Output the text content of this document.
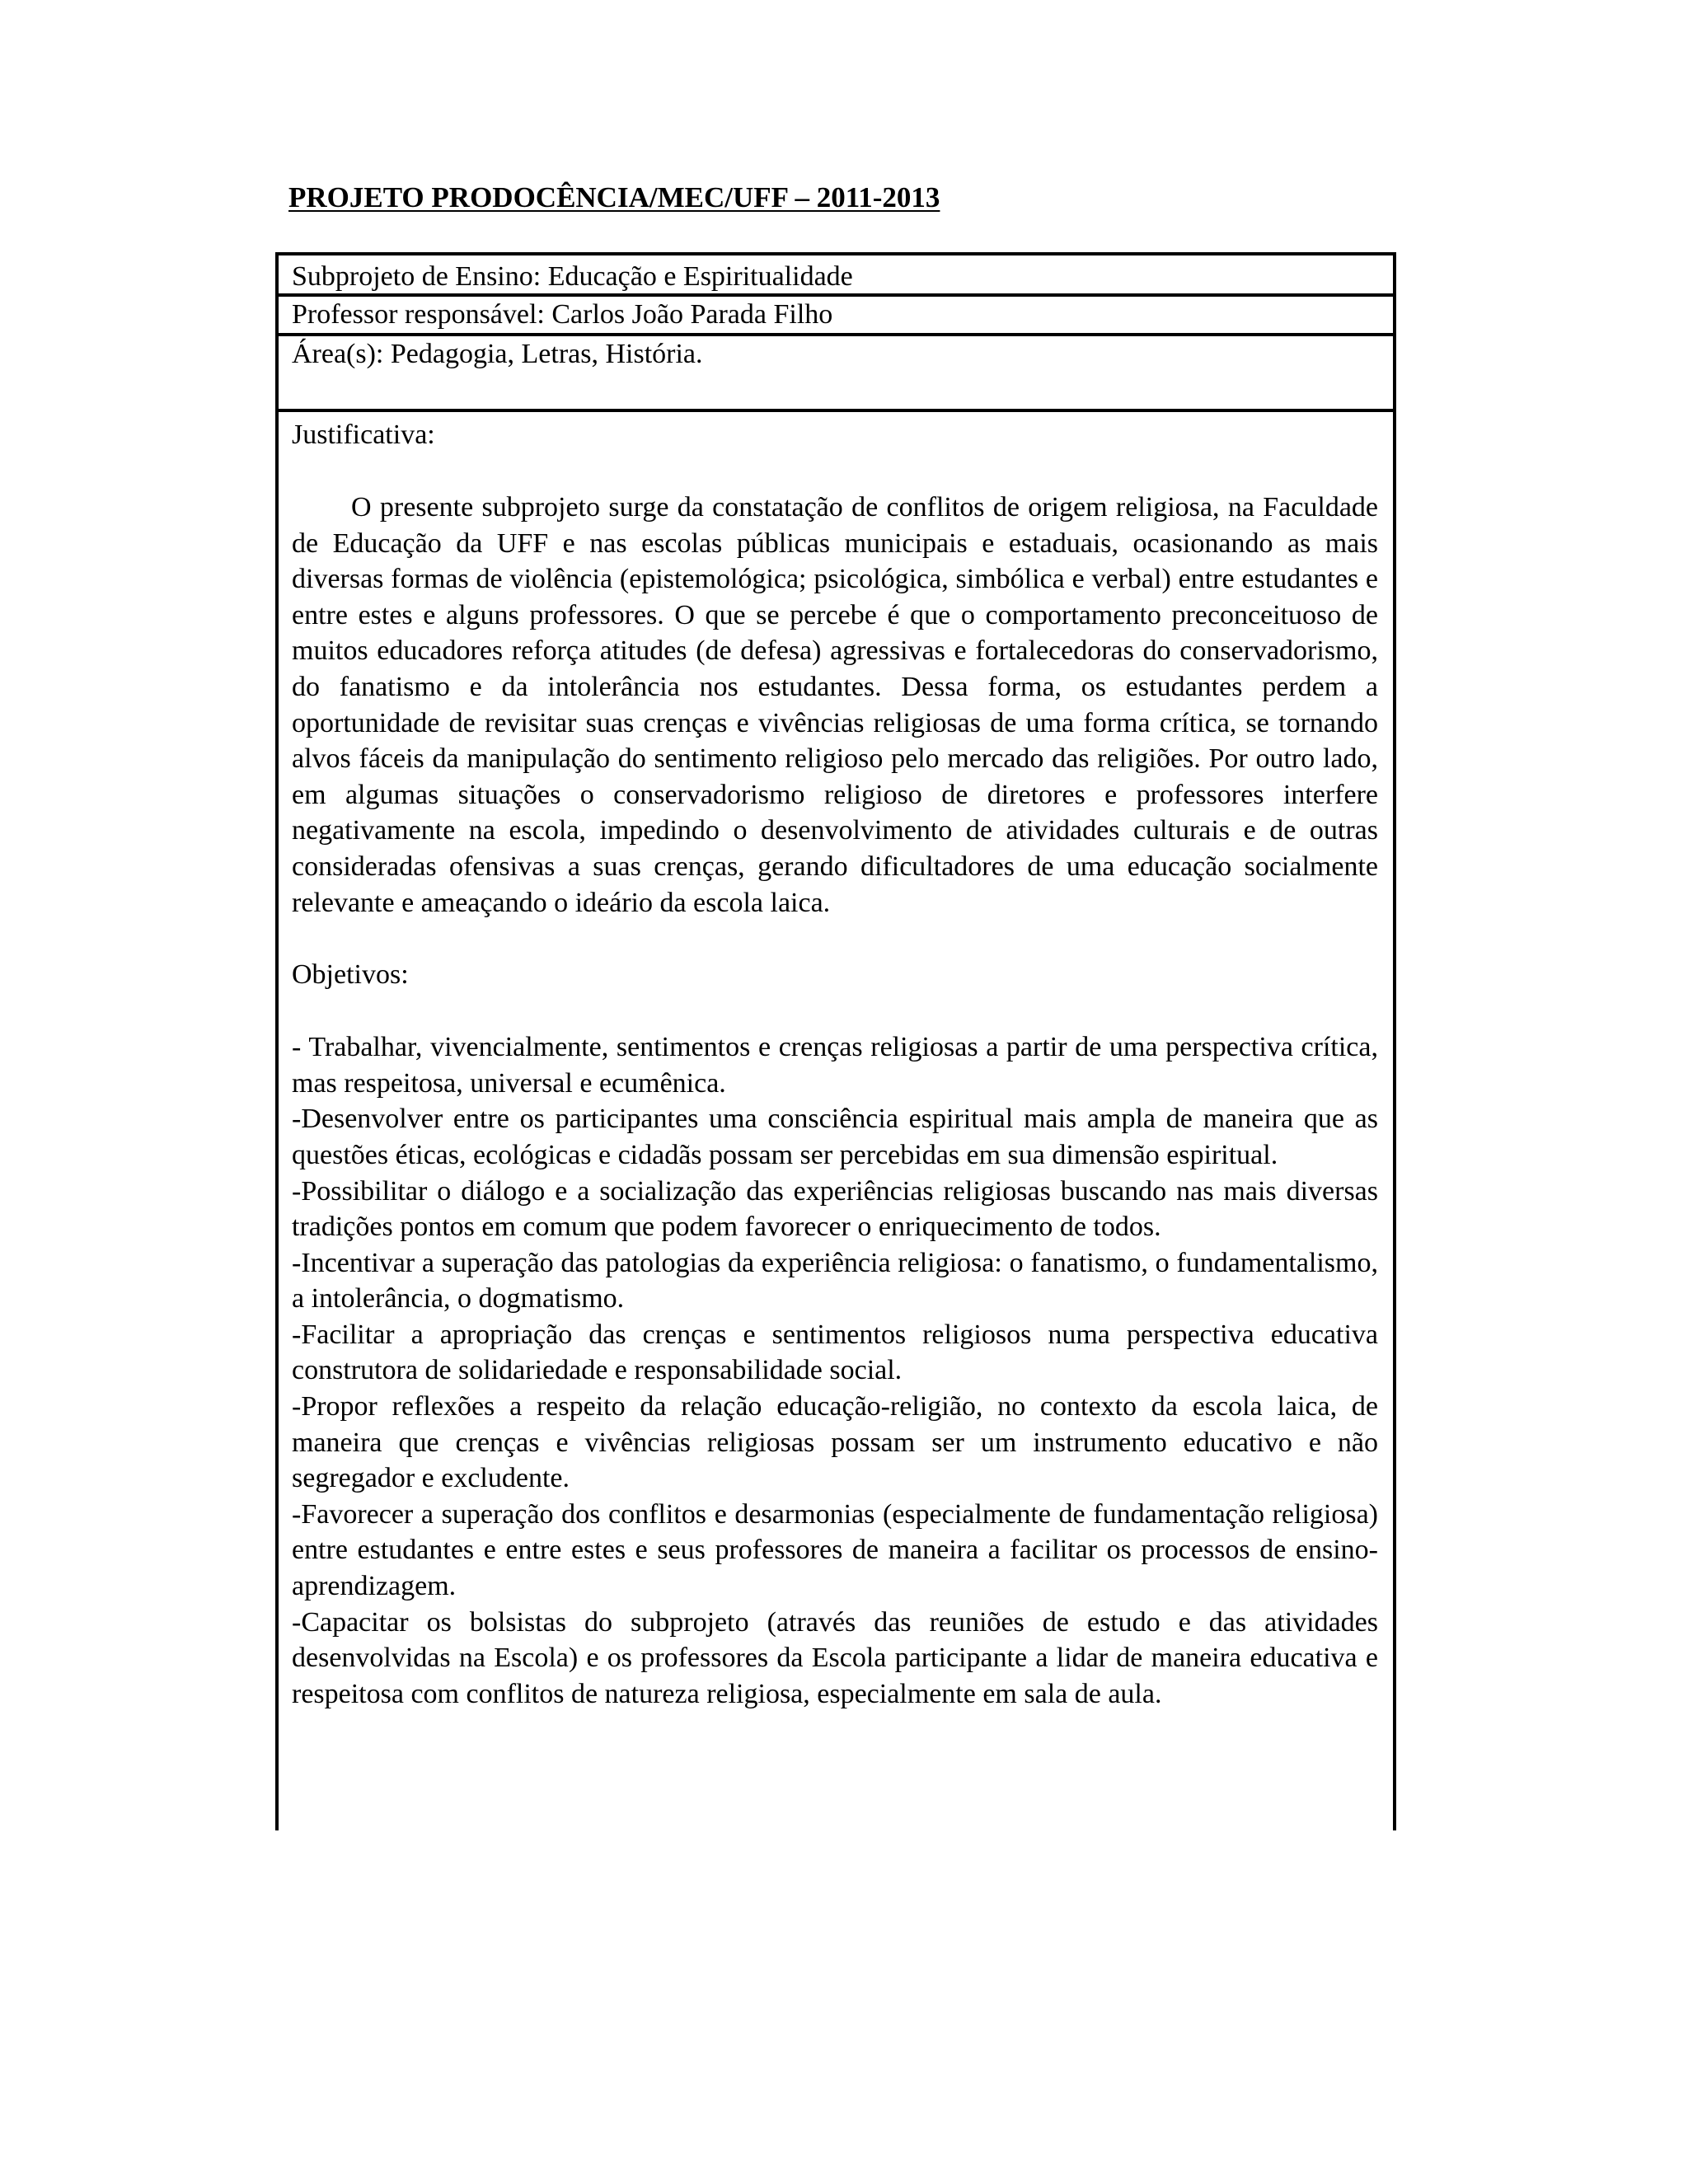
PROJETO PRODOCÊNCIA/MEC/UFF – 2011-2013
Subprojeto de Ensino: Educação e Espiritualidade
Professor responsável: Carlos João Parada Filho
Área(s): Pedagogia, Letras, História.

Justificativa:

O presente subprojeto surge da constatação de conflitos de origem religiosa, na Faculdade de Educação da UFF e nas escolas públicas municipais e estaduais, ocasionando as mais diversas formas de violência (epistemológica; psicológica, simbólica e verbal) entre estudantes e entre estes e alguns professores. O que se percebe é que o comportamento preconceituoso de muitos educadores reforça atitudes (de defesa) agressivas e fortalecedoras do conservadorismo, do fanatismo e da intolerância nos estudantes. Dessa forma, os estudantes perdem a oportunidade de revisitar suas crenças e vivências religiosas de uma forma crítica, se tornando alvos fáceis da manipulação do sentimento religioso pelo mercado das religiões. Por outro lado, em algumas situações o conservadorismo religioso de diretores e professores interfere negativamente na escola, impedindo o desenvolvimento de atividades culturais e de outras consideradas ofensivas a suas crenças, gerando dificultadores de uma educação socialmente relevante e ameaçando o ideário da escola laica.

Objetivos:

- Trabalhar, vivencialmente, sentimentos e crenças religiosas a partir de uma perspectiva crítica, mas respeitosa, universal e ecumênica.

-Desenvolver entre os participantes uma consciência espiritual mais ampla de maneira que as questões éticas, ecológicas e cidadãs possam ser percebidas em sua dimensão espiritual.

-Possibilitar o diálogo e a socialização das experiências religiosas buscando nas mais diversas tradições pontos em comum que podem favorecer o enriquecimento de todos.

-Incentivar a superação das patologias da experiência religiosa: o fanatismo, o fundamentalismo, a intolerância, o dogmatismo.

-Facilitar a apropriação das crenças e sentimentos religiosos numa perspectiva educativa construtora de solidariedade e responsabilidade social.

-Propor reflexões a respeito da relação educação-religião, no contexto da escola laica, de maneira que crenças e vivências religiosas possam ser um instrumento educativo e não segregador e excludente.

-Favorecer a superação dos conflitos e desarmonias (especialmente de fundamentação religiosa) entre estudantes e entre estes e seus professores de maneira a facilitar os processos de ensino-aprendizagem.

-Capacitar os bolsistas do subprojeto (através das reuniões de estudo e das atividades desenvolvidas na Escola) e os professores da Escola participante a lidar de maneira educativa e respeitosa com conflitos de natureza religiosa, especialmente em sala de aula.
